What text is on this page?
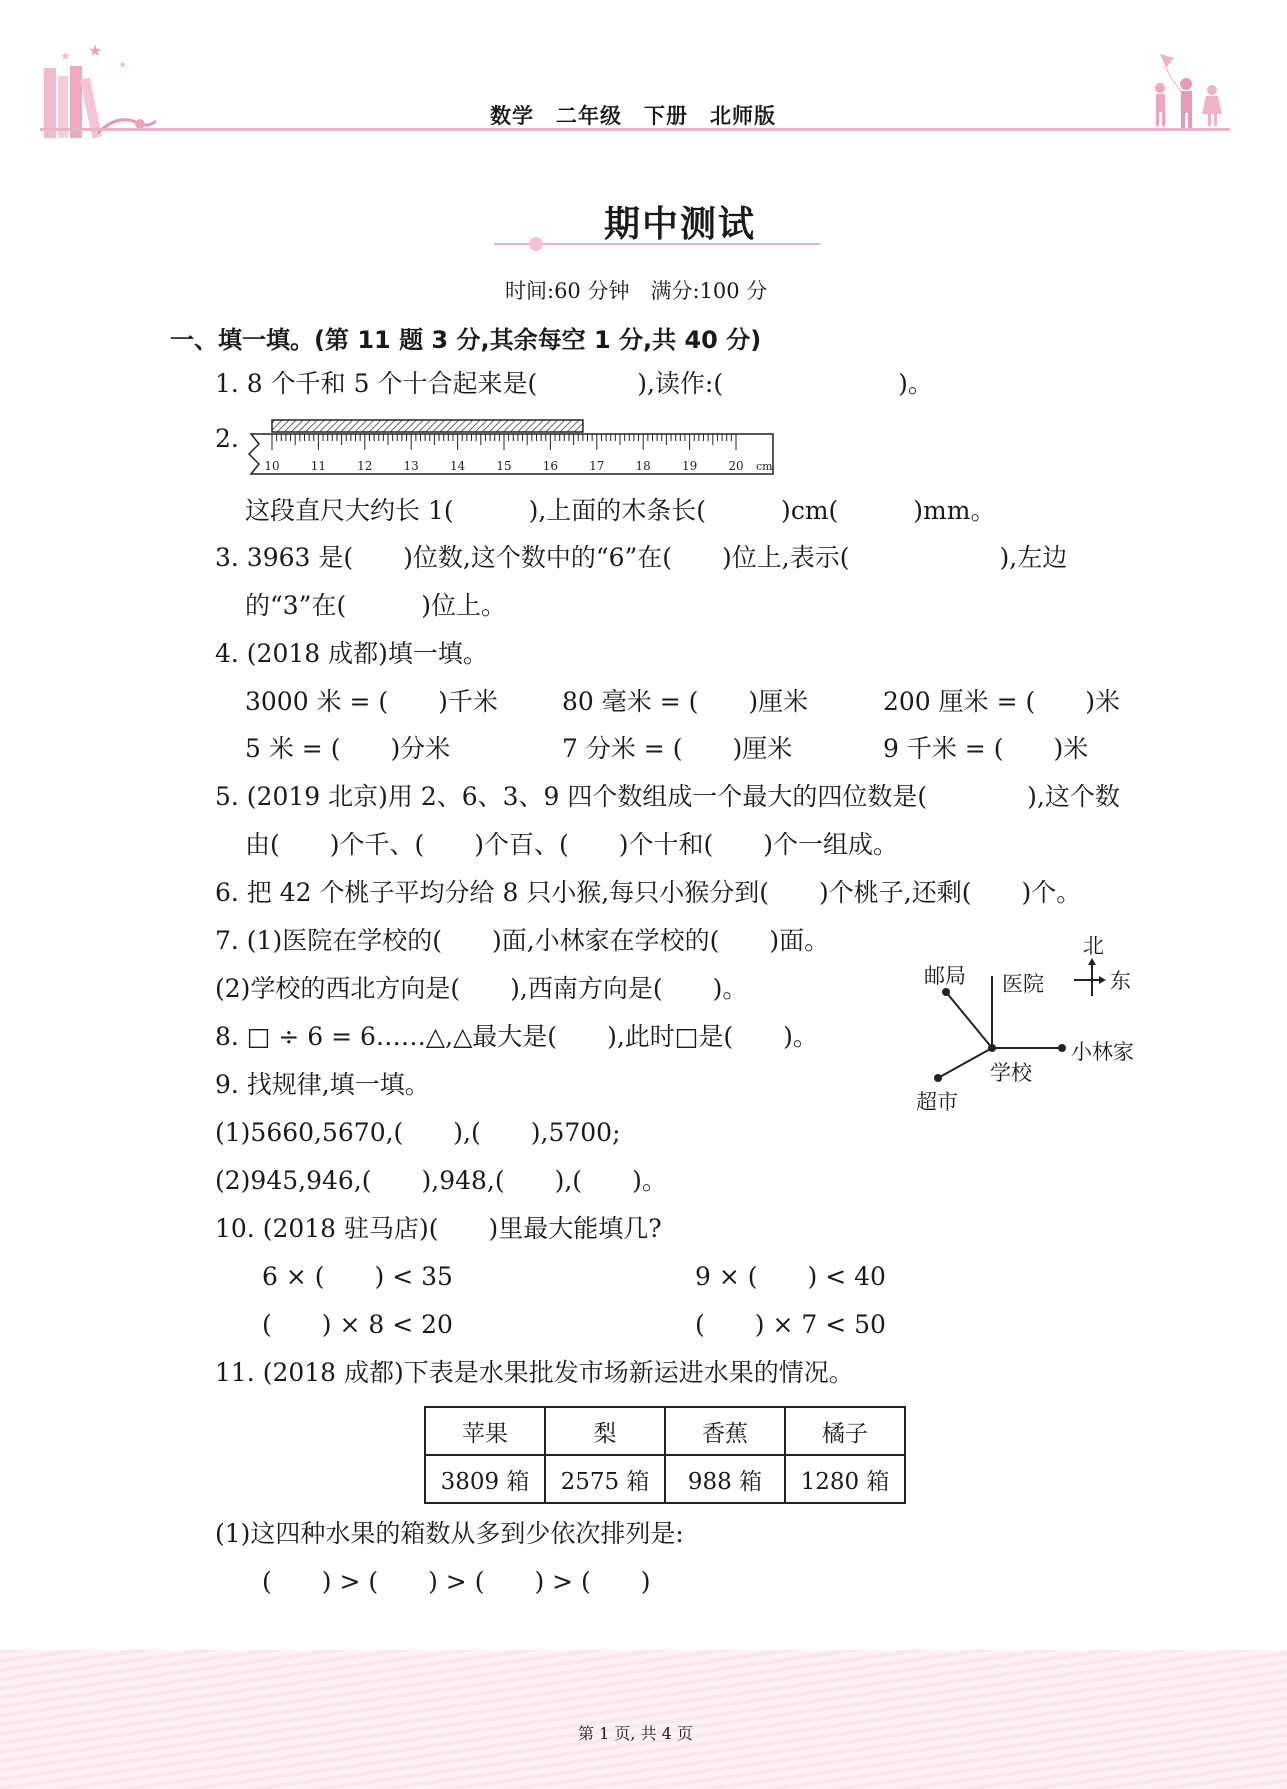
★
★
★
数学　二年级　下册　北师版
期中测试
时间:60 分钟　满分:100 分
一、填一填。(第 11 题 3 分,其余每空 1 分,共 40 分)
1. 8 个千和 5 个十合起来是(　　　　),读作:(　　　　　　　)。
2.
10	11	12	13	14	15	16	17	18	19	20 cm
这段直尺大约长 1(　　　),上面的木条长(　　　)cm(　　　)mm。
3. 3963 是(　　)位数,这个数中的“6”在(　　)位上,表示(　　　　　　),左边
的“3”在(　　　)位上。
4. (2018 成都)填一填。
3000 米 = (　　)千米	80 毫米 = (　　)厘米	200 厘米 = (　　)米
5 米 = (　　)分米	7 分米 = (　　)厘米	9 千米 = (　　)米
5. (2019 北京)用 2、6、3、9 四个数组成一个最大的四位数是(　　　　),这个数
由(　　)个千、(　　)个百、(　　)个十和(　　)个一组成。
6. 把 42 个桃子平均分给 8 只小猴,每只小猴分到(　　)个桃子,还剩(　　)个。
7. (1)医院在学校的(　　)面,小林家在学校的(　　)面。
(2)学校的西北方向是(　　),西南方向是(　　)。
北
东
邮局 医院
小林家
学校
超市
8. □ ÷ 6 = 6……△,△最大是(　　),此时□是(　　)。
9. 找规律,填一填。
(1)5660,5670,(　　),(　　),5700;
(2)945,946,(　　),948,(　　),(　　)。
10. (2018 驻马店)(　　)里最大能填几?
6 × (　　) < 35	9 × (　　) < 40
(　　) × 8 < 20	(　　) × 7 < 50
11. (2018 成都)下表是水果批发市场新运进水果的情况。
苹果	梨	香蕉	橘子
3809 箱	2575 箱	988 箱	1280 箱
(1)这四种水果的箱数从多到少依次排列是:
(　　) > (　　) > (　　) > (　　)
第 1 页, 共 4 页
